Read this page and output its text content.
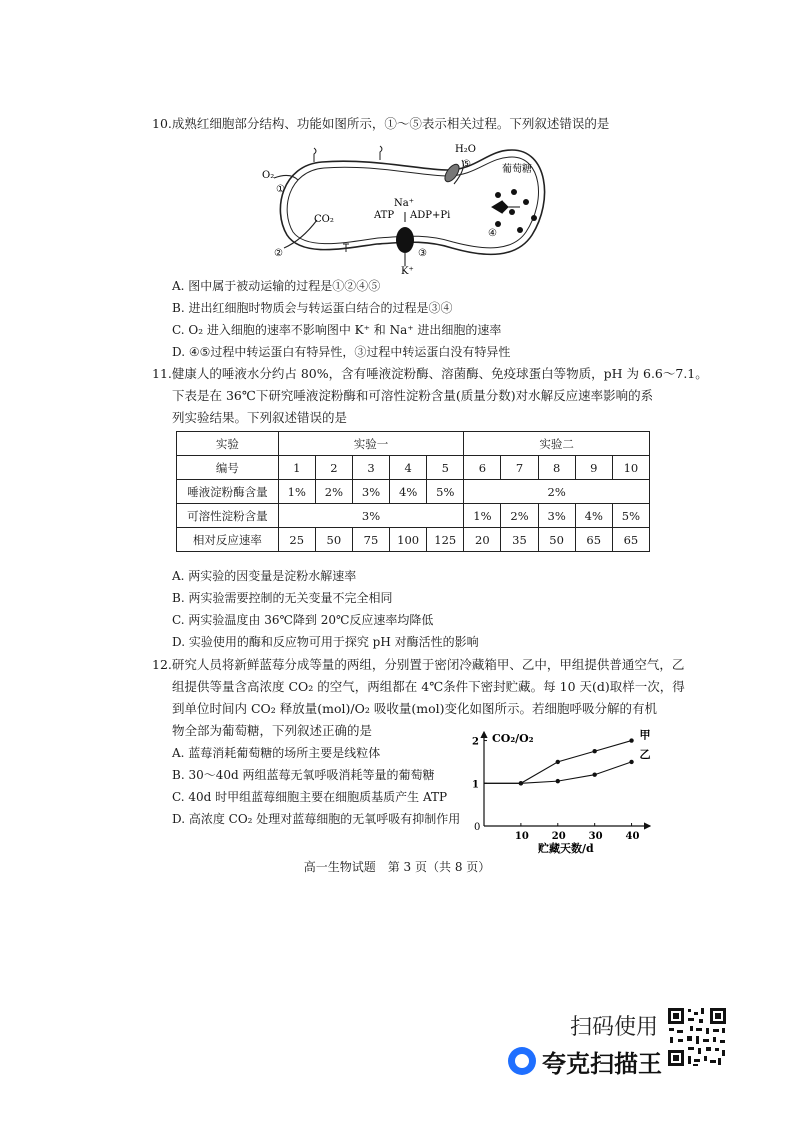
10.成熟红细胞部分结构、功能如图所示，①～⑤表示相关过程。下列叙述错误的是
O₂
①
CO₂
②
H₂O
⑤
Na⁺
ATP ADP+Pi
③
K⁺
葡萄糖
④
A. 图中属于被动运输的过程是①②④⑤
B. 进出红细胞时物质会与转运蛋白结合的过程是③④
C. O₂ 进入细胞的速率不影响图中 K⁺ 和 Na⁺ 进出细胞的速率
D. ④⑤过程中转运蛋白有特异性，③过程中转运蛋白没有特异性
11.健康人的唾液水分约占 80%，含有唾液淀粉酶、溶菌酶、免疫球蛋白等物质，pH 为 6.6～7.1。
下表是在 36℃下研究唾液淀粉酶和可溶性淀粉含量(质量分数)对水解反应速率影响的系
列实验结果。下列叙述错误的是
实验	实验一					实验二				
编号	1	2	3	4	5	6	7	8	9	10
唾液淀粉酶含量	1%	2%	3%	4%	5%	2%				
可溶性淀粉含量	3%					1%	2%	3%	4%	5%
相对反应速率	25	50	75	100	125	20	35	50	65	65
A. 两实验的因变量是淀粉水解速率
B. 两实验需要控制的无关变量不完全相同
C. 两实验温度由 36℃降到 20℃反应速率均降低
D. 实验使用的酶和反应物可用于探究 pH 对酶活性的影响
12.研究人员将新鲜蓝莓分成等量的两组，分别置于密闭冷藏箱甲、乙中，甲组提供普通空气，乙
组提供等量含高浓度 CO₂ 的空气，两组都在 4℃条件下密封贮藏。每 10 天(d)取样一次，得
到单位时间内 CO₂ 释放量(mol)/O₂ 吸收量(mol)变化如图所示。若细胞呼吸分解的有机
物全部为葡萄糖，下列叙述正确的是
A. 蓝莓消耗葡萄糖的场所主要是线粒体
B. 30～40d 两组蓝莓无氧呼吸消耗等量的葡萄糖
C. 40d 时甲组蓝莓细胞主要在细胞质基质产生 ATP
D. 高浓度 CO₂ 处理对蓝莓细胞的无氧呼吸有抑制作用
CO₂/O₂
贮藏天数/d
0
10 20 30 40
1
2
甲
乙
高一生物试题　第 3 页（共 8 页）
扫码使用
夸克扫描王
